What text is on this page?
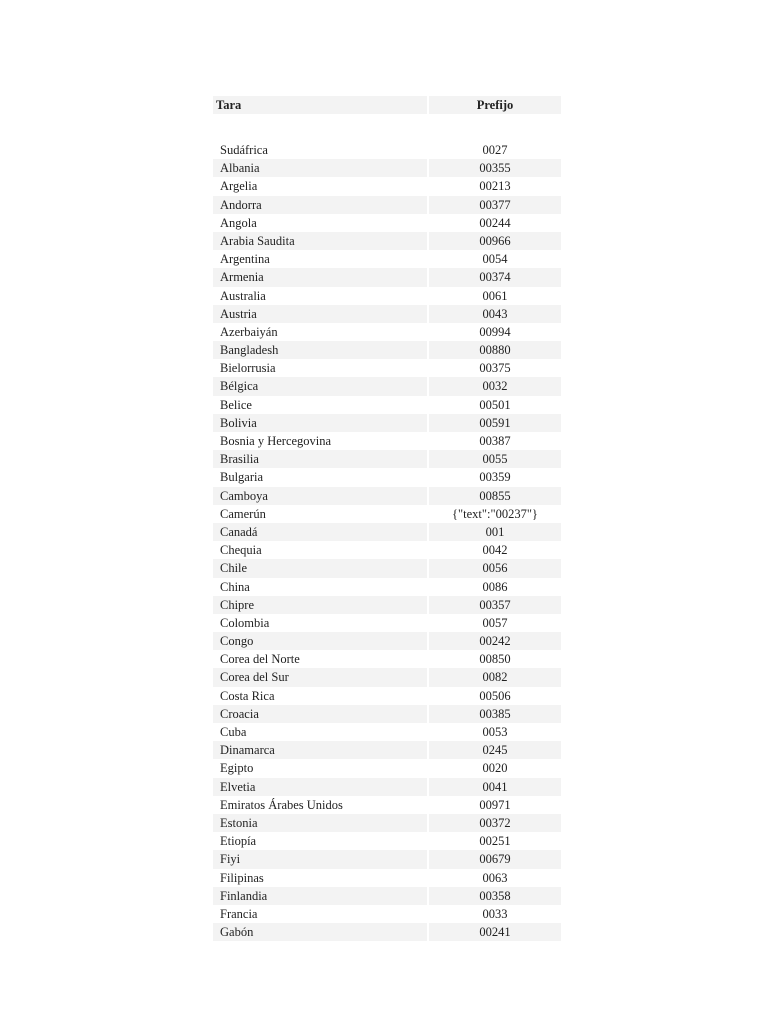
Tara	Prefijo
Sudáfrica	0027
Albania	00355
Argelia	00213
Andorra	00377
Angola	00244
Arabia Saudita	00966
Argentina	0054
Armenia	00374
Australia	0061
Austria	0043
Azerbaiyán	00994
Bangladesh	00880
Bielorrusia	00375
Bélgica	0032
Belice	00501
Bolivia	00591
Bosnia y Hercegovina	00387
Brasilia	0055
Bulgaria	00359
Camboya	00855
Camerún	{"text":"00237"}
Canadá	001
Chequia	0042
Chile	0056
China	0086
Chipre	00357
Colombia	0057
Congo	00242
Corea del Norte	00850
Corea del Sur	0082
Costa Rica	00506
Croacia	00385
Cuba	0053
Dinamarca	0245
Egipto	0020
Elvetia	0041
Emiratos Árabes Unidos	00971
Estonia	00372
Etiopía	00251
Fiyi	00679
Filipinas	0063
Finlandia	00358
Francia	0033
Gabón	00241
